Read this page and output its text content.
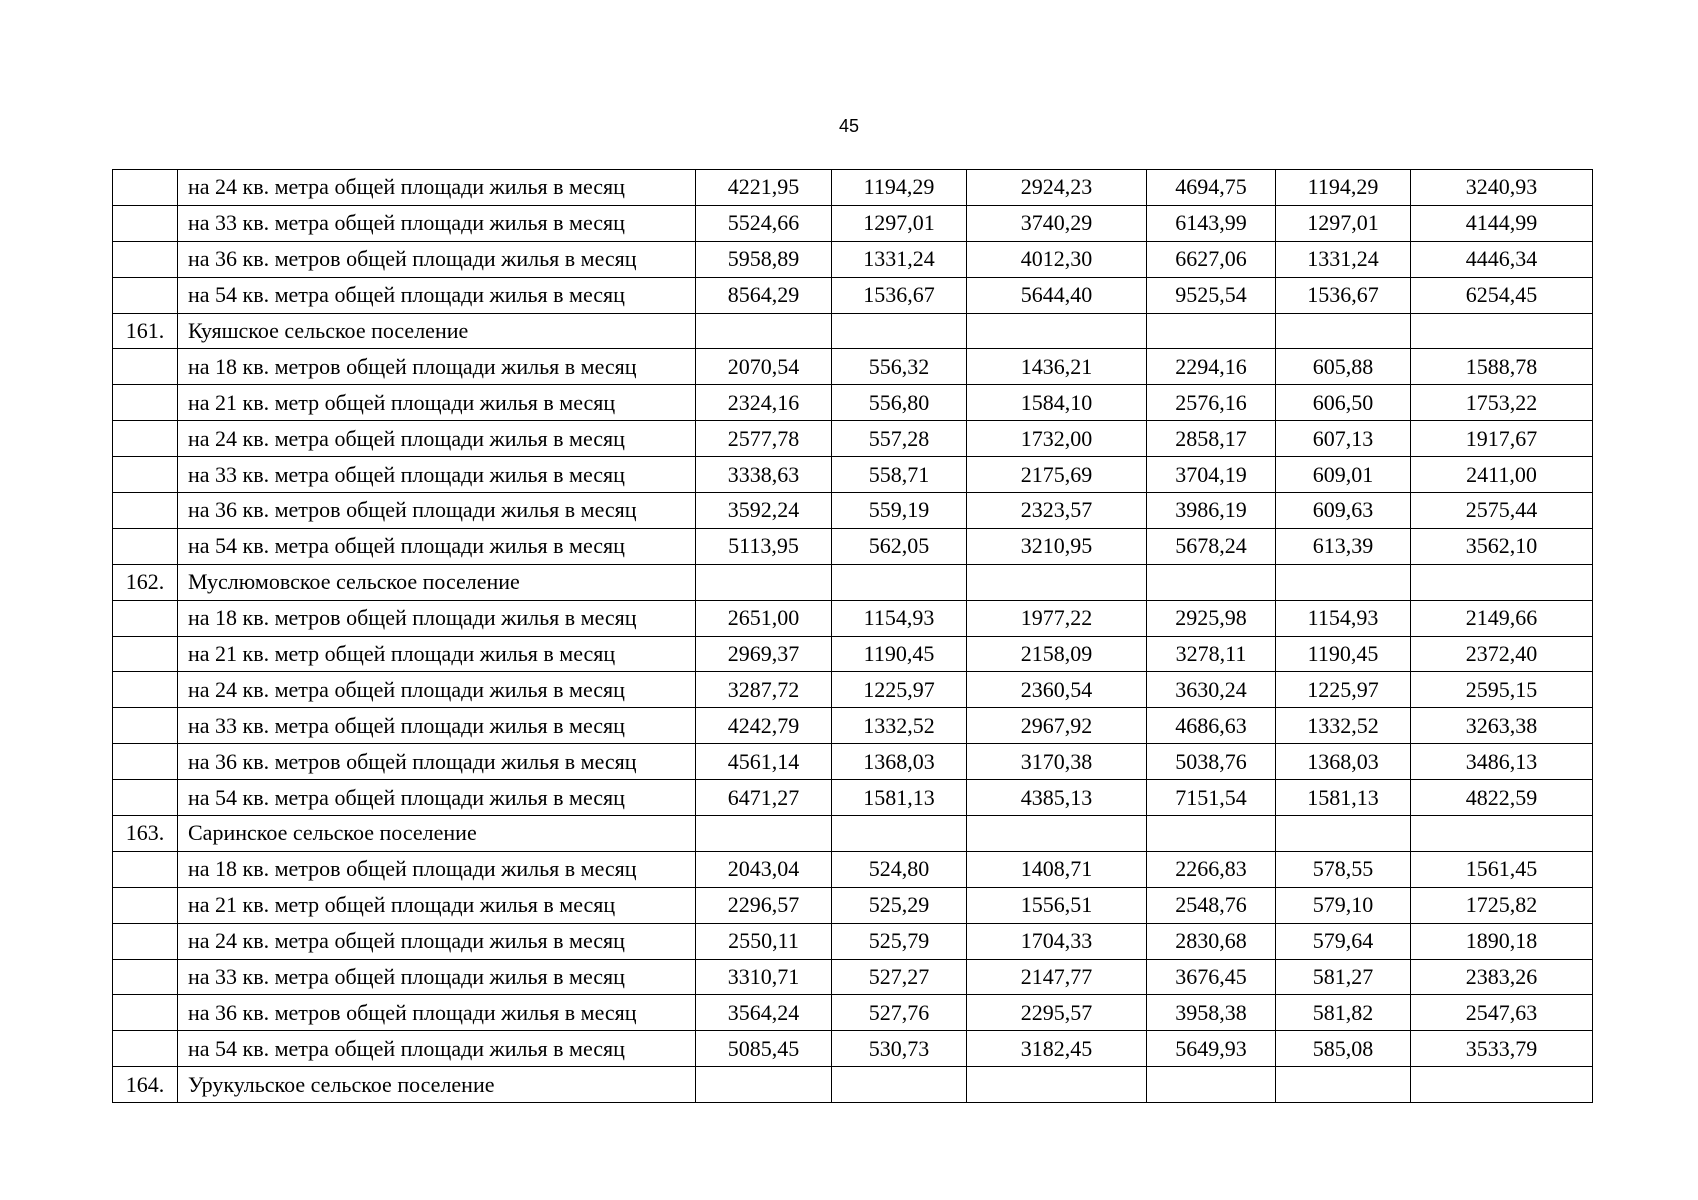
45
	на 24 кв. метра общей площади жилья в месяц	4221,95	1194,29	2924,23	4694,75	1194,29	3240,93
	на 33 кв. метра общей площади жилья в месяц	5524,66	1297,01	3740,29	6143,99	1297,01	4144,99
	на 36 кв. метров общей площади жилья в месяц	5958,89	1331,24	4012,30	6627,06	1331,24	4446,34
	на 54 кв. метра общей площади жилья в месяц	8564,29	1536,67	5644,40	9525,54	1536,67	6254,45
161.	Куяшское сельское поселение						
	на 18 кв. метров общей площади жилья в месяц	2070,54	556,32	1436,21	2294,16	605,88	1588,78
	на 21 кв. метр общей площади жилья в месяц	2324,16	556,80	1584,10	2576,16	606,50	1753,22
	на 24 кв. метра общей площади жилья в месяц	2577,78	557,28	1732,00	2858,17	607,13	1917,67
	на 33 кв. метра общей площади жилья в месяц	3338,63	558,71	2175,69	3704,19	609,01	2411,00
	на 36 кв. метров общей площади жилья в месяц	3592,24	559,19	2323,57	3986,19	609,63	2575,44
	на 54 кв. метра общей площади жилья в месяц	5113,95	562,05	3210,95	5678,24	613,39	3562,10
162.	Муслюмовское сельское поселение						
	на 18 кв. метров общей площади жилья в месяц	2651,00	1154,93	1977,22	2925,98	1154,93	2149,66
	на 21 кв. метр общей площади жилья в месяц	2969,37	1190,45	2158,09	3278,11	1190,45	2372,40
	на 24 кв. метра общей площади жилья в месяц	3287,72	1225,97	2360,54	3630,24	1225,97	2595,15
	на 33 кв. метра общей площади жилья в месяц	4242,79	1332,52	2967,92	4686,63	1332,52	3263,38
	на 36 кв. метров общей площади жилья в месяц	4561,14	1368,03	3170,38	5038,76	1368,03	3486,13
	на 54 кв. метра общей площади жилья в месяц	6471,27	1581,13	4385,13	7151,54	1581,13	4822,59
163.	Саринское сельское поселение						
	на 18 кв. метров общей площади жилья в месяц	2043,04	524,80	1408,71	2266,83	578,55	1561,45
	на 21 кв. метр общей площади жилья в месяц	2296,57	525,29	1556,51	2548,76	579,10	1725,82
	на 24 кв. метра общей площади жилья в месяц	2550,11	525,79	1704,33	2830,68	579,64	1890,18
	на 33 кв. метра общей площади жилья в месяц	3310,71	527,27	2147,77	3676,45	581,27	2383,26
	на 36 кв. метров общей площади жилья в месяц	3564,24	527,76	2295,57	3958,38	581,82	2547,63
	на 54 кв. метра общей площади жилья в месяц	5085,45	530,73	3182,45	5649,93	585,08	3533,79
164.	Урукульское сельское поселение						
